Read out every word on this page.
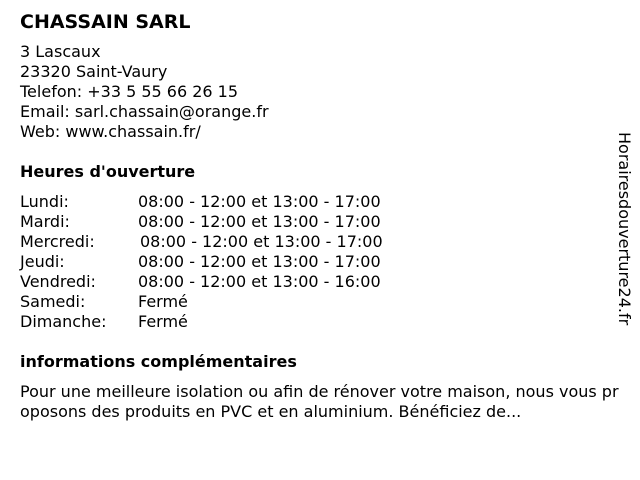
CHASSAIN SARL
3 Lascaux
23320 Saint-Vaury
Telefon: +33 5 55 66 26 15
Email: sarl.chassain@orange.fr
Web: www.chassain.fr/
Heures d'ouverture
Lundi:	08:00 - 12:00 et 13:00 - 17:00
Mardi:	08:00 - 12:00 et 13:00 - 17:00
Mercredi:	08:00 - 12:00 et 13:00 - 17:00
Jeudi:	08:00 - 12:00 et 13:00 - 17:00
Vendredi:	08:00 - 12:00 et 13:00 - 16:00
Samedi:	Fermé
Dimanche:	Fermé
informations complémentaires
Pour une meilleure isolation ou afin de rénover votre maison, nous vous proposons des produits en PVC et en aluminium. Bénéficiez de...
Horairesdouverture24.fr
